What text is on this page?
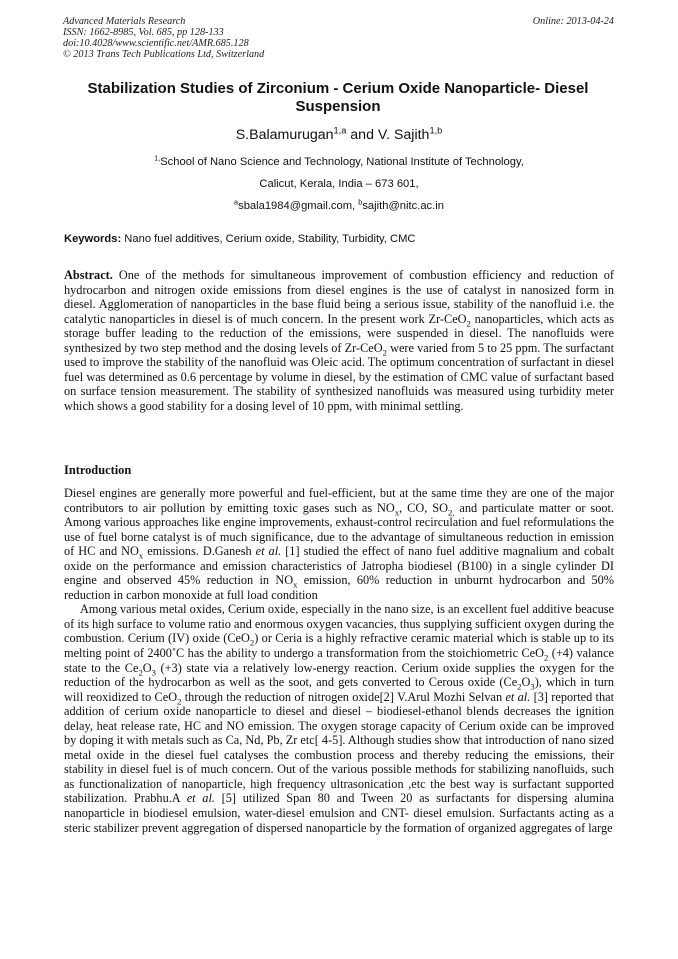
Advanced Materials Research
ISSN: 1662-8985, Vol. 685, pp 128-133
doi:10.4028/www.scientific.net/AMR.685.128
© 2013 Trans Tech Publications Ltd, Switzerland
Online: 2013-04-24
Stabilization Studies of Zirconium - Cerium Oxide Nanoparticle- Diesel Suspension
S.Balamurugan$^{1,a}$ and V. Sajith$^{1,b}$
$^{1,}$School of Nano Science and Technology, National Institute of Technology,
Calicut, Kerala, India – 673 601,
$^a$sbala1984@gmail.com, $^b$sajith@nitc.ac.in
Keywords: Nano fuel additives, Cerium oxide, Stability, Turbidity, CMC

Abstract. One of the methods for simultaneous improvement of combustion efficiency and reduction of hydrocarbon and nitrogen oxide emissions from diesel engines is the use of catalyst in nanosized form in diesel. Agglomeration of nanoparticles in the base fluid being a serious issue, stability of the nanofluid i.e. the catalytic nanoparticles in diesel is of much concern. In the present work Zr-CeO$_2$ nanoparticles, which acts as storage buffer leading to the reduction of the emissions, were suspended in diesel. The nanofluids were synthesized by two step method and the dosing levels of Zr-CeO$_2$ were varied from 5 to 25 ppm. The surfactant used to improve the stability of the nanofluid was Oleic acid. The optimum concentration of surfactant in diesel fuel was determined as 0.6 percentage by volume in diesel, by the estimation of CMC value of surfactant based on surface tension measurement. The stability of synthesized nanofluids was measured using turbidity meter which shows a good stability for a dosing level of 10 ppm, with minimal settling.

Introduction

Diesel engines are generally more powerful and fuel-efficient, but at the same time they are one of the major contributors to air pollution by emitting toxic gases such as $NO_x$, CO, $SO_{2,}$ and particulate matter or soot. Among various approaches like engine improvements, exhaust-control recirculation and fuel reformulations the use of fuel borne catalyst is of much significance, due to the advantage of simultaneous reduction in emission of HC and $NO_x$ emissions. D.Ganesh et al. [1] studied the effect of nano fuel additive magnalium and cobalt oxide on the performance and emission characteristics of Jatropha biodiesel (B100) in a single cylinder DI engine and observed 45% reduction in $NO_x$ emission, 60% reduction in unburnt hydrocarbon and 50% reduction in carbon monoxide at full load condition

Among various metal oxides, Cerium oxide, especially in the nano size, is an excellent fuel additive beacuse of its high surface to volume ratio and enormous oxygen vacancies, thus supplying sufficient oxygen during the combustion. Cerium (IV) oxide (CeO$_2$) or Ceria is a highly refractive ceramic material which is stable up to its melting point of 2400˚C has the ability to undergo a transformation from the stoichiometric CeO$_2$ (+4) valance state to the $Ce_2O_3$ (+3) state via a relatively low-energy reaction. Cerium oxide supplies the oxygen for the reduction of the hydrocarbon as well as the soot, and gets converted to Cerous oxide $(Ce_2O_3)$, which in turn will reoxidized to CeO$_2$ through the reduction of nitrogen oxide[2] V.Arul Mozhi Selvan et al. [3] reported that addition of cerium oxide nanoparticle to diesel and diesel – biodiesel-ethanol blends decreases the ignition delay, heat release rate, HC and NO emission. The oxygen storage capacity of Cerium oxide can be improved by doping it with metals such as Ca, Nd, Pb, Zr etc[ 4-5]. Although studies show that introduction of nano sized metal oxide in the diesel fuel catalyses the combustion process and thereby reducing the emissions, their stability in diesel fuel is of much concern. Out of the various possible methods for stabilizing nanofluids, such as functionalization of nanoparticle, high frequency ultrasonication ,etc the best way is surfactant supported stabilization. Prabhu.A et al. [5] utilized Span 80 and Tween 20 as surfactants for dispersing alumina nanoparticle in biodiesel emulsion, water-diesel emulsion and CNT- diesel emulsion. Surfactants acting as a steric stabilizer prevent aggregation of dispersed nanoparticle by the formation of organized aggregates of large
